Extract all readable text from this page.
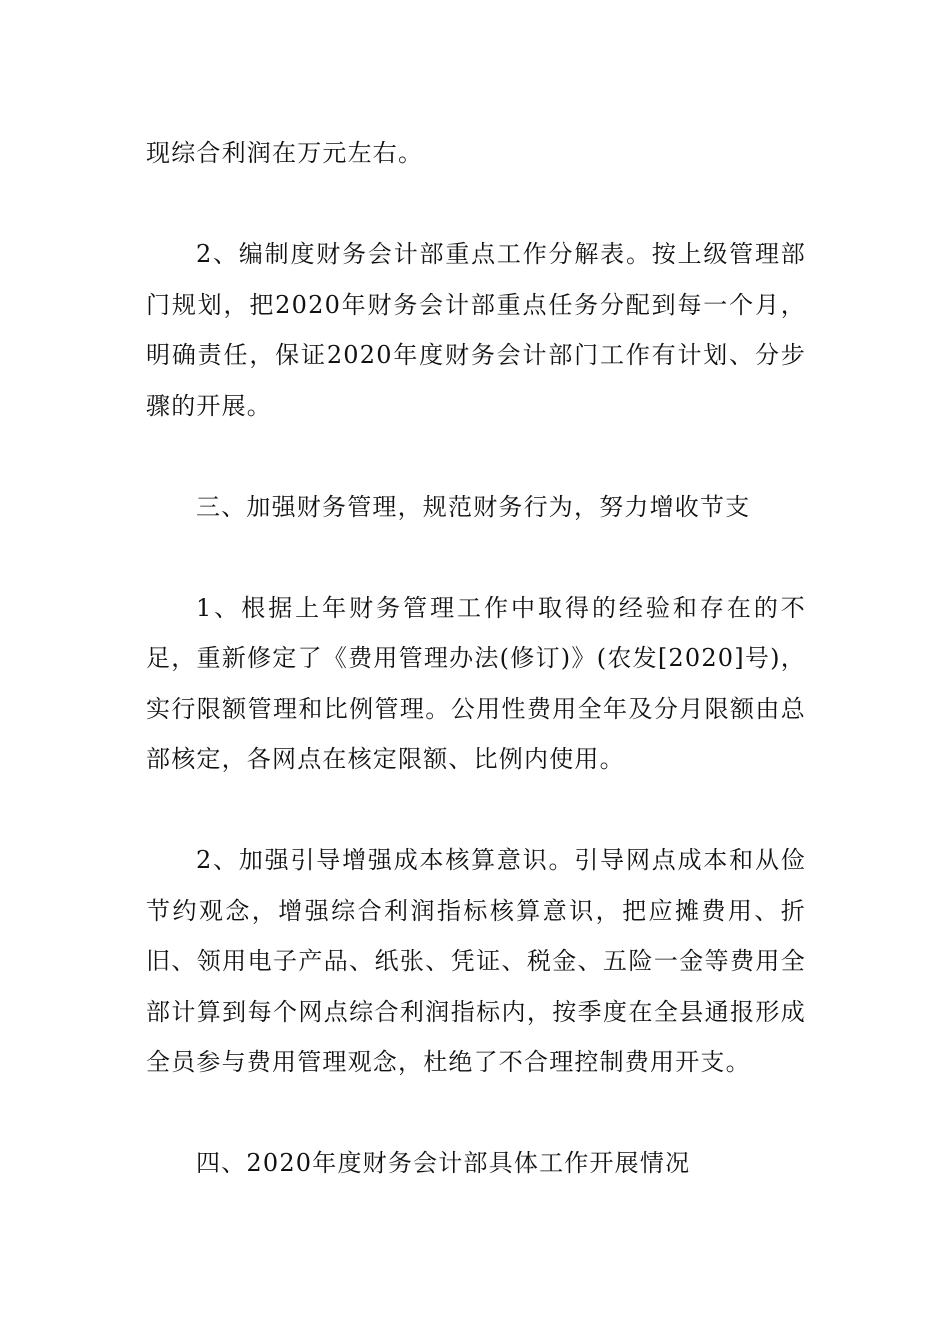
现综合利润在万元左右。

2、编制度财务会计部重点工作分解表。按上级管理部门规划，把2020年财务会计部重点任务分配到每一个月，明确责任，保证2020年度财务会计部门工作有计划、分步骤的开展。

三、加强财务管理，规范财务行为，努力增收节支

1、根据上年财务管理工作中取得的经验和存在的不足，重新修定了《费用管理办法(修订)》(农发[2020]号)，实行限额管理和比例管理。公用性费用全年及分月限额由总部核定，各网点在核定限额、比例内使用。

2、加强引导增强成本核算意识。引导网点成本和从俭节约观念，增强综合利润指标核算意识，把应摊费用、折旧、领用电子产品、纸张、凭证、税金、五险一金等费用全部计算到每个网点综合利润指标内，按季度在全县通报形成全员参与费用管理观念，杜绝了不合理控制费用开支。

四、2020年度财务会计部具体工作开展情况
